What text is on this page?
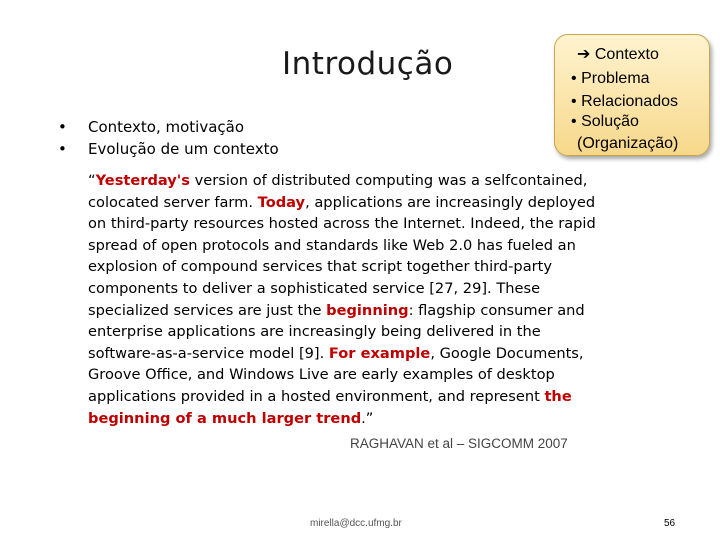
Introdução	➔ Contexto
• Problema
• Relacionados
• Solução
(Organização)
• Contexto, motivação
• Evolução de um contexto
“Yesterday's version of distributed computing was a selfcontained,
colocated server farm. Today, applications are increasingly deployed
on third-party resources hosted across the Internet. Indeed, the rapid
spread of open protocols and standards like Web 2.0 has fueled an
explosion of compound services that script together third-party
components to deliver a sophisticated service [27, 29]. These
specialized services are just the beginning: flagship consumer and
enterprise applications are increasingly being delivered in the
software-as-a-service model [9]. For example, Google Documents,
Groove Office, and Windows Live are early examples of desktop
applications provided in a hosted environment, and represent the
beginning of a much larger trend.”
RAGHAVAN et al – SIGCOMM 2007
mirella@dcc.ufmg.br	56
